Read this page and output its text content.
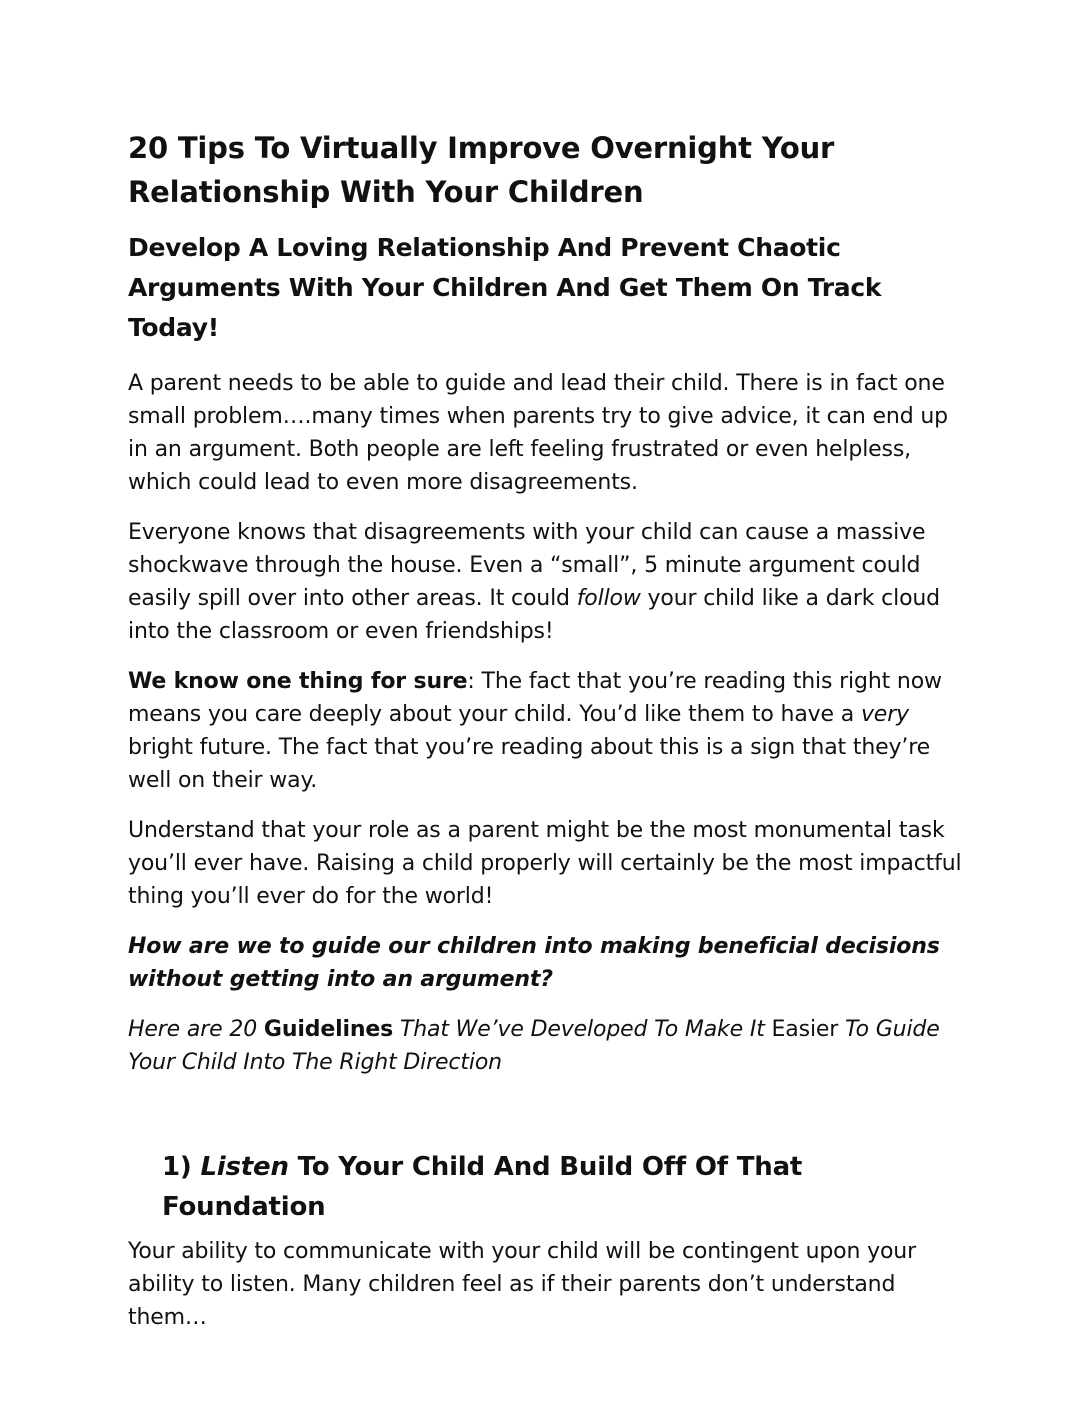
20 Tips To Virtually Improve Overnight Your Relationship With Your Children
Develop A Loving Relationship And Prevent Chaotic Arguments With Your Children And Get Them On Track Today!

A parent needs to be able to guide and lead their child. There is in fact one small problem….many times when parents try to give advice, it can end up in an argument. Both people are left feeling frustrated or even helpless, which could lead to even more disagreements.

Everyone knows that disagreements with your child can cause a massive shockwave through the house. Even a “small”, 5 minute argument could easily spill over into other areas. It could follow your child like a dark cloud into the classroom or even friendships!

We know one thing for sure: The fact that you’re reading this right now means you care deeply about your child. You’d like them to have a very bright future. The fact that you’re reading about this is a sign that they’re well on their way.

Understand that your role as a parent might be the most monumental task you’ll ever have. Raising a child properly will certainly be the most impactful thing you’ll ever do for the world!

How are we to guide our children into making beneficial decisions without getting into an argument?

Here are 20 Guidelines That We’ve Developed To Make It Easier To Guide Your Child Into The Right Direction

1) Listen To Your Child And Build Off Of That Foundation

Your ability to communicate with your child will be contingent upon your ability to listen. Many children feel as if their parents don’t understand them…
